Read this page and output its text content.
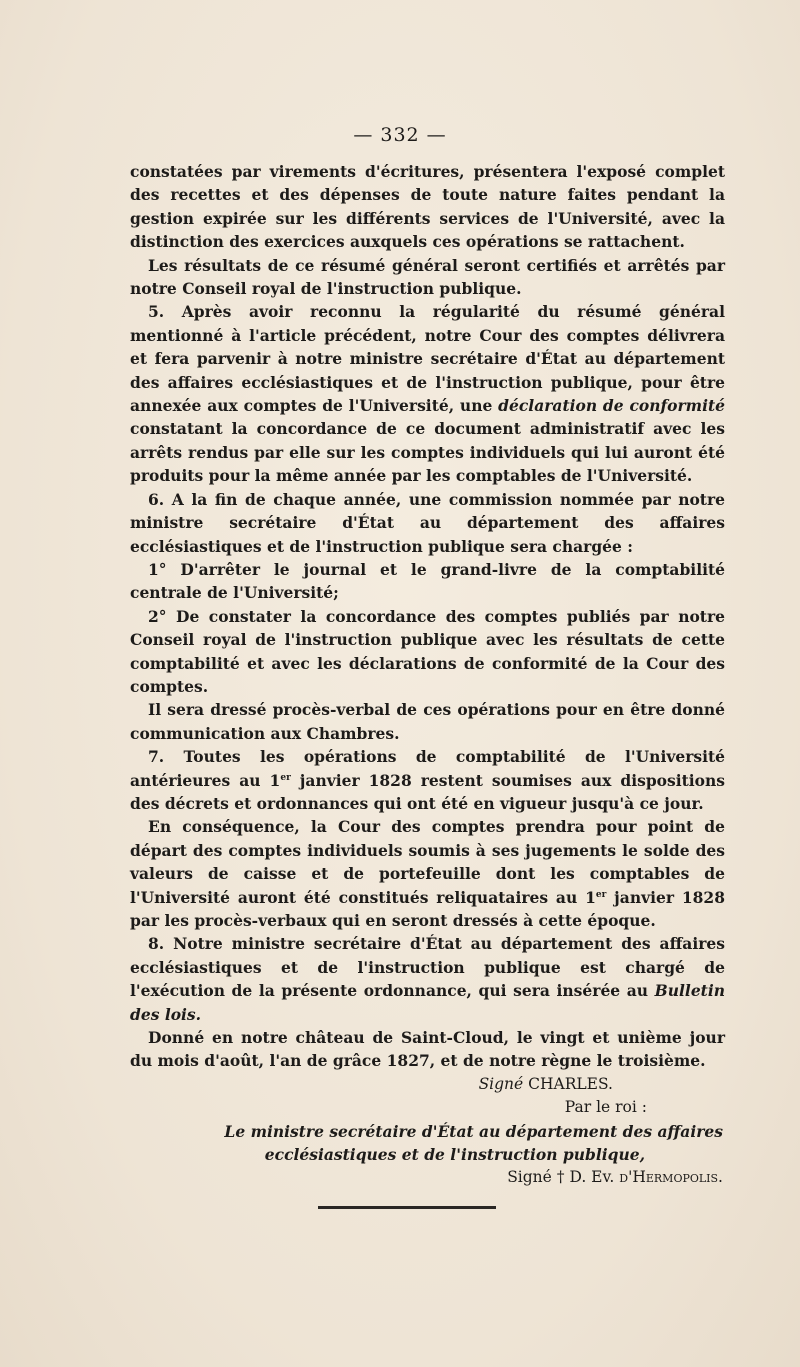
— 332 —

constatées par virements d'écritures, présentera l'exposé complet des recettes et des dépenses de toute nature faites pendant la gestion expirée sur les différents services de l'Université, avec la distinction des exercices auxquels ces opérations se rattachent.

Les résultats de ce résumé général seront certifiés et arrêtés par notre Conseil royal de l'instruction publique.

5. Après avoir reconnu la régularité du résumé général mentionné à l'article précédent, notre Cour des comptes délivrera et fera parvenir à notre ministre secrétaire d'État au département des affaires ecclésiastiques et de l'instruction publique, pour être annexée aux comptes de l'Université, une déclaration de conformité constatant la concordance de ce document administratif avec les arrêts rendus par elle sur les comptes individuels qui lui auront été produits pour la même année par les comptables de l'Université.

6. A la fin de chaque année, une commission nommée par notre ministre secrétaire d'État au département des affaires ecclésiastiques et de l'instruction publique sera chargée :

1° D'arrêter le journal et le grand-livre de la comptabilité centrale de l'Université;

2° De constater la concordance des comptes publiés par notre Conseil royal de l'instruction publique avec les résultats de cette comptabilité et avec les déclarations de conformité de la Cour des comptes.

Il sera dressé procès-verbal de ces opérations pour en être donné communication aux Chambres.

7. Toutes les opérations de comptabilité de l'Université antérieures au 1er janvier 1828 restent soumises aux dispositions des décrets et ordonnances qui ont été en vigueur jusqu'à ce jour.

En conséquence, la Cour des comptes prendra pour point de départ des comptes individuels soumis à ses jugements le solde des valeurs de caisse et de portefeuille dont les comptables de l'Université auront été constitués reliquataires au 1er janvier 1828 par les procès-verbaux qui en seront dressés à cette époque.

8. Notre ministre secrétaire d'État au département des affaires ecclésiastiques et de l'instruction publique est chargé de l'exécution de la présente ordonnance, qui sera insérée au Bulletin des lois.

Donné en notre château de Saint-Cloud, le vingt et unième jour du mois d'août, l'an de grâce 1827, et de notre règne le troisième.

Signé CHARLES.

Par le roi :

Le ministre secrétaire d'État au département des affaires

ecclésiastiques et de l'instruction publique,

Signé † D. Ev. d'Hermopolis.
